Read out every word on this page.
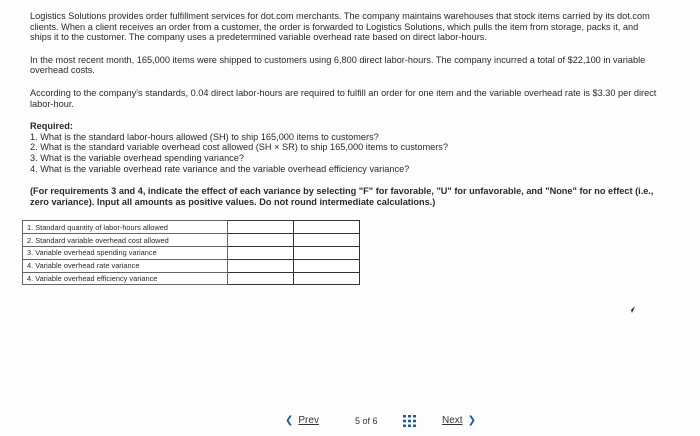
Logistics Solutions provides order fulfillment services for dot.com merchants. The company maintains warehouses that stock items carried by its dot.com clients. When a client receives an order from a customer, the order is forwarded to Logistics Solutions, which pulls the item from storage, packs it, and ships it to the customer. The company uses a predetermined variable overhead rate based on direct labor-hours.

In the most recent month, 165,000 items were shipped to customers using 6,800 direct labor-hours. The company incurred a total of $22,100 in variable overhead costs.

According to the company's standards, 0.04 direct labor-hours are required to fulfill an order for one item and the variable overhead rate is $3.30 per direct labor-hour.

Required:

1. What is the standard labor-hours allowed (SH) to ship 165,000 items to customers?

2. What is the standard variable overhead cost allowed (SH × SR) to ship 165,000 items to customers?

3. What is the variable overhead spending variance?

4. What is the variable overhead rate variance and the variable overhead efficiency variance?

(For requirements 3 and 4, indicate the effect of each variance by selecting "F" for favorable, "U" for unfavorable, and "None" for no effect (i.e., zero variance). Input all amounts as positive values. Do not round intermediate calculations.)

1. Standard quantity of labor-hours allowed		
2. Standard variable overhead cost allowed		
3. Variable overhead spending variance		
4. Variable overhead rate variance		
4. Variable overhead efficiency variance		
❮ Prev	5 of 6	Next ❯
